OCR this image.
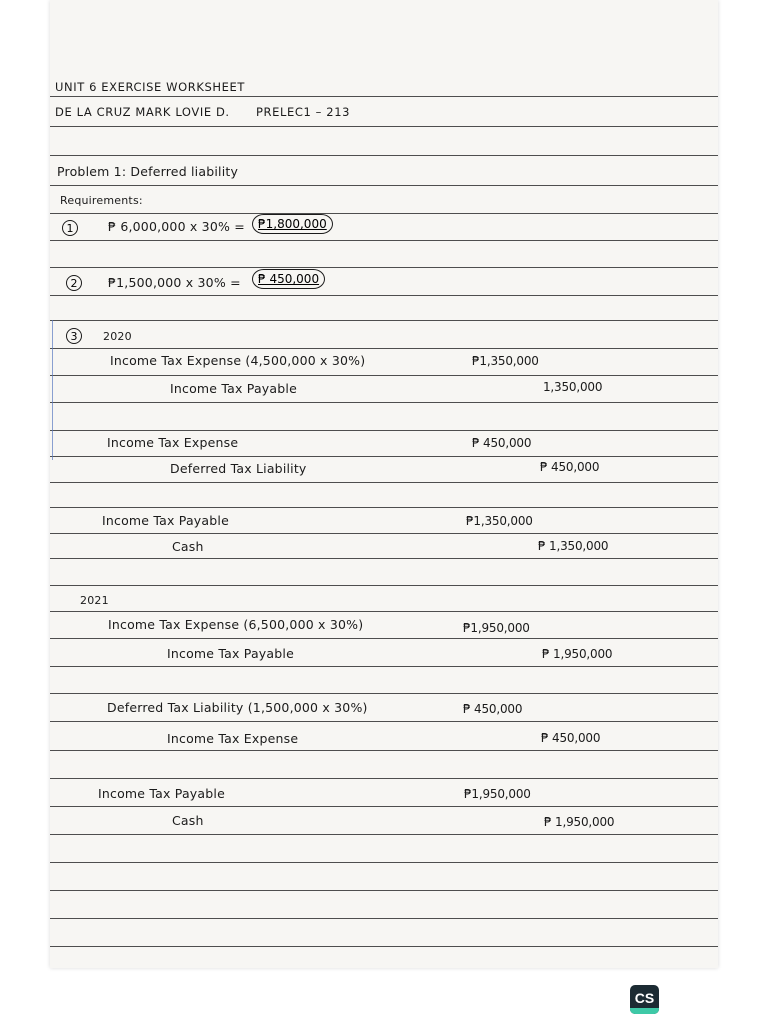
UNIT 6 EXERCISE WORKSHEET
DE LA CRUZ MARK LOVIE D. PRELEC1 – 213
Problem 1: Deferred liability
Requirements:
1	₱ 6,000,000 x 30% =	₱1,800,000
2	₱1,500,000 x 30% =	₱ 450,000
3	2020
Income Tax Expense (4,500,000 x 30%)	₱1,350,000
Income Tax Payable	1,350,000
Income Tax Expense	₱ 450,000
Deferred Tax Liability	₱ 450,000
Income Tax Payable	₱1,350,000
Cash	₱ 1,350,000
2021
Income Tax Expense (6,500,000 x 30%)	₱1,950,000
Income Tax Payable	₱ 1,950,000
Deferred Tax Liability (1,500,000 x 30%)	₱ 450,000
Income Tax Expense	₱ 450,000
Income Tax Payable	₱1,950,000
Cash	₱ 1,950,000
CS
